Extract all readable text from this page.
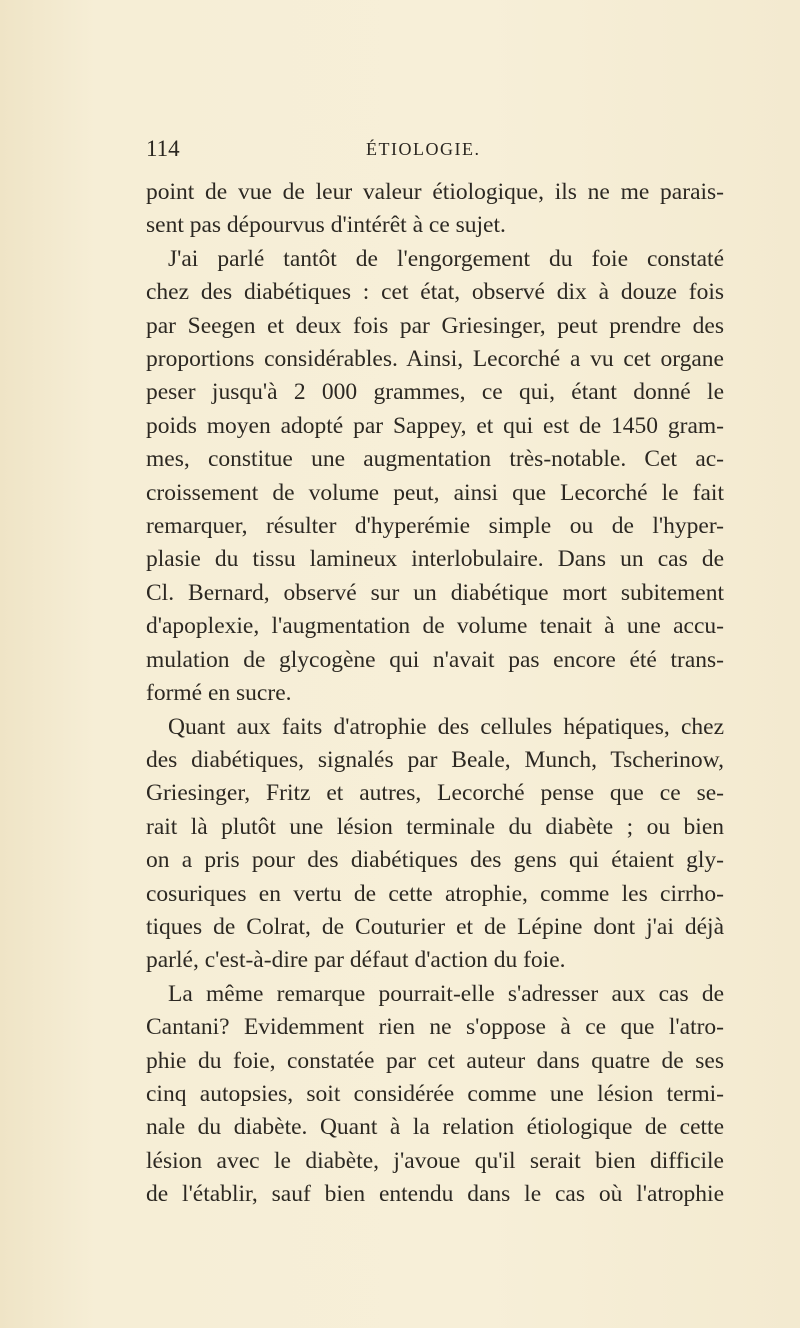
114	ÉTIOLOGIE.
point de vue de leur valeur étiologique, ils ne me parais-
sent pas dépourvus d'intérêt à ce sujet.
J'ai parlé tantôt de l'engorgement du foie constaté
chez des diabétiques : cet état, observé dix à douze fois
par Seegen et deux fois par Griesinger, peut prendre des
proportions considérables. Ainsi, Lecorché a vu cet organe
peser jusqu'à 2 000 grammes, ce qui, étant donné le
poids moyen adopté par Sappey, et qui est de 1450 gram-
mes, constitue une augmentation très-notable. Cet ac-
croissement de volume peut, ainsi que Lecorché le fait
remarquer, résulter d'hyperémie simple ou de l'hyper-
plasie du tissu lamineux interlobulaire. Dans un cas de
Cl. Bernard, observé sur un diabétique mort subitement
d'apoplexie, l'augmentation de volume tenait à une accu-
mulation de glycogène qui n'avait pas encore été trans-
formé en sucre.
Quant aux faits d'atrophie des cellules hépatiques, chez
des diabétiques, signalés par Beale, Munch, Tscherinow,
Griesinger, Fritz et autres, Lecorché pense que ce se-
rait là plutôt une lésion terminale du diabète ; ou bien
on a pris pour des diabétiques des gens qui étaient gly-
cosuriques en vertu de cette atrophie, comme les cirrho-
tiques de Colrat, de Couturier et de Lépine dont j'ai déjà
parlé, c'est-à-dire par défaut d'action du foie.
La même remarque pourrait-elle s'adresser aux cas de
Cantani? Evidemment rien ne s'oppose à ce que l'atro-
phie du foie, constatée par cet auteur dans quatre de ses
cinq autopsies, soit considérée comme une lésion termi-
nale du diabète. Quant à la relation étiologique de cette
lésion avec le diabète, j'avoue qu'il serait bien difficile
de l'établir, sauf bien entendu dans le cas où l'atrophie
